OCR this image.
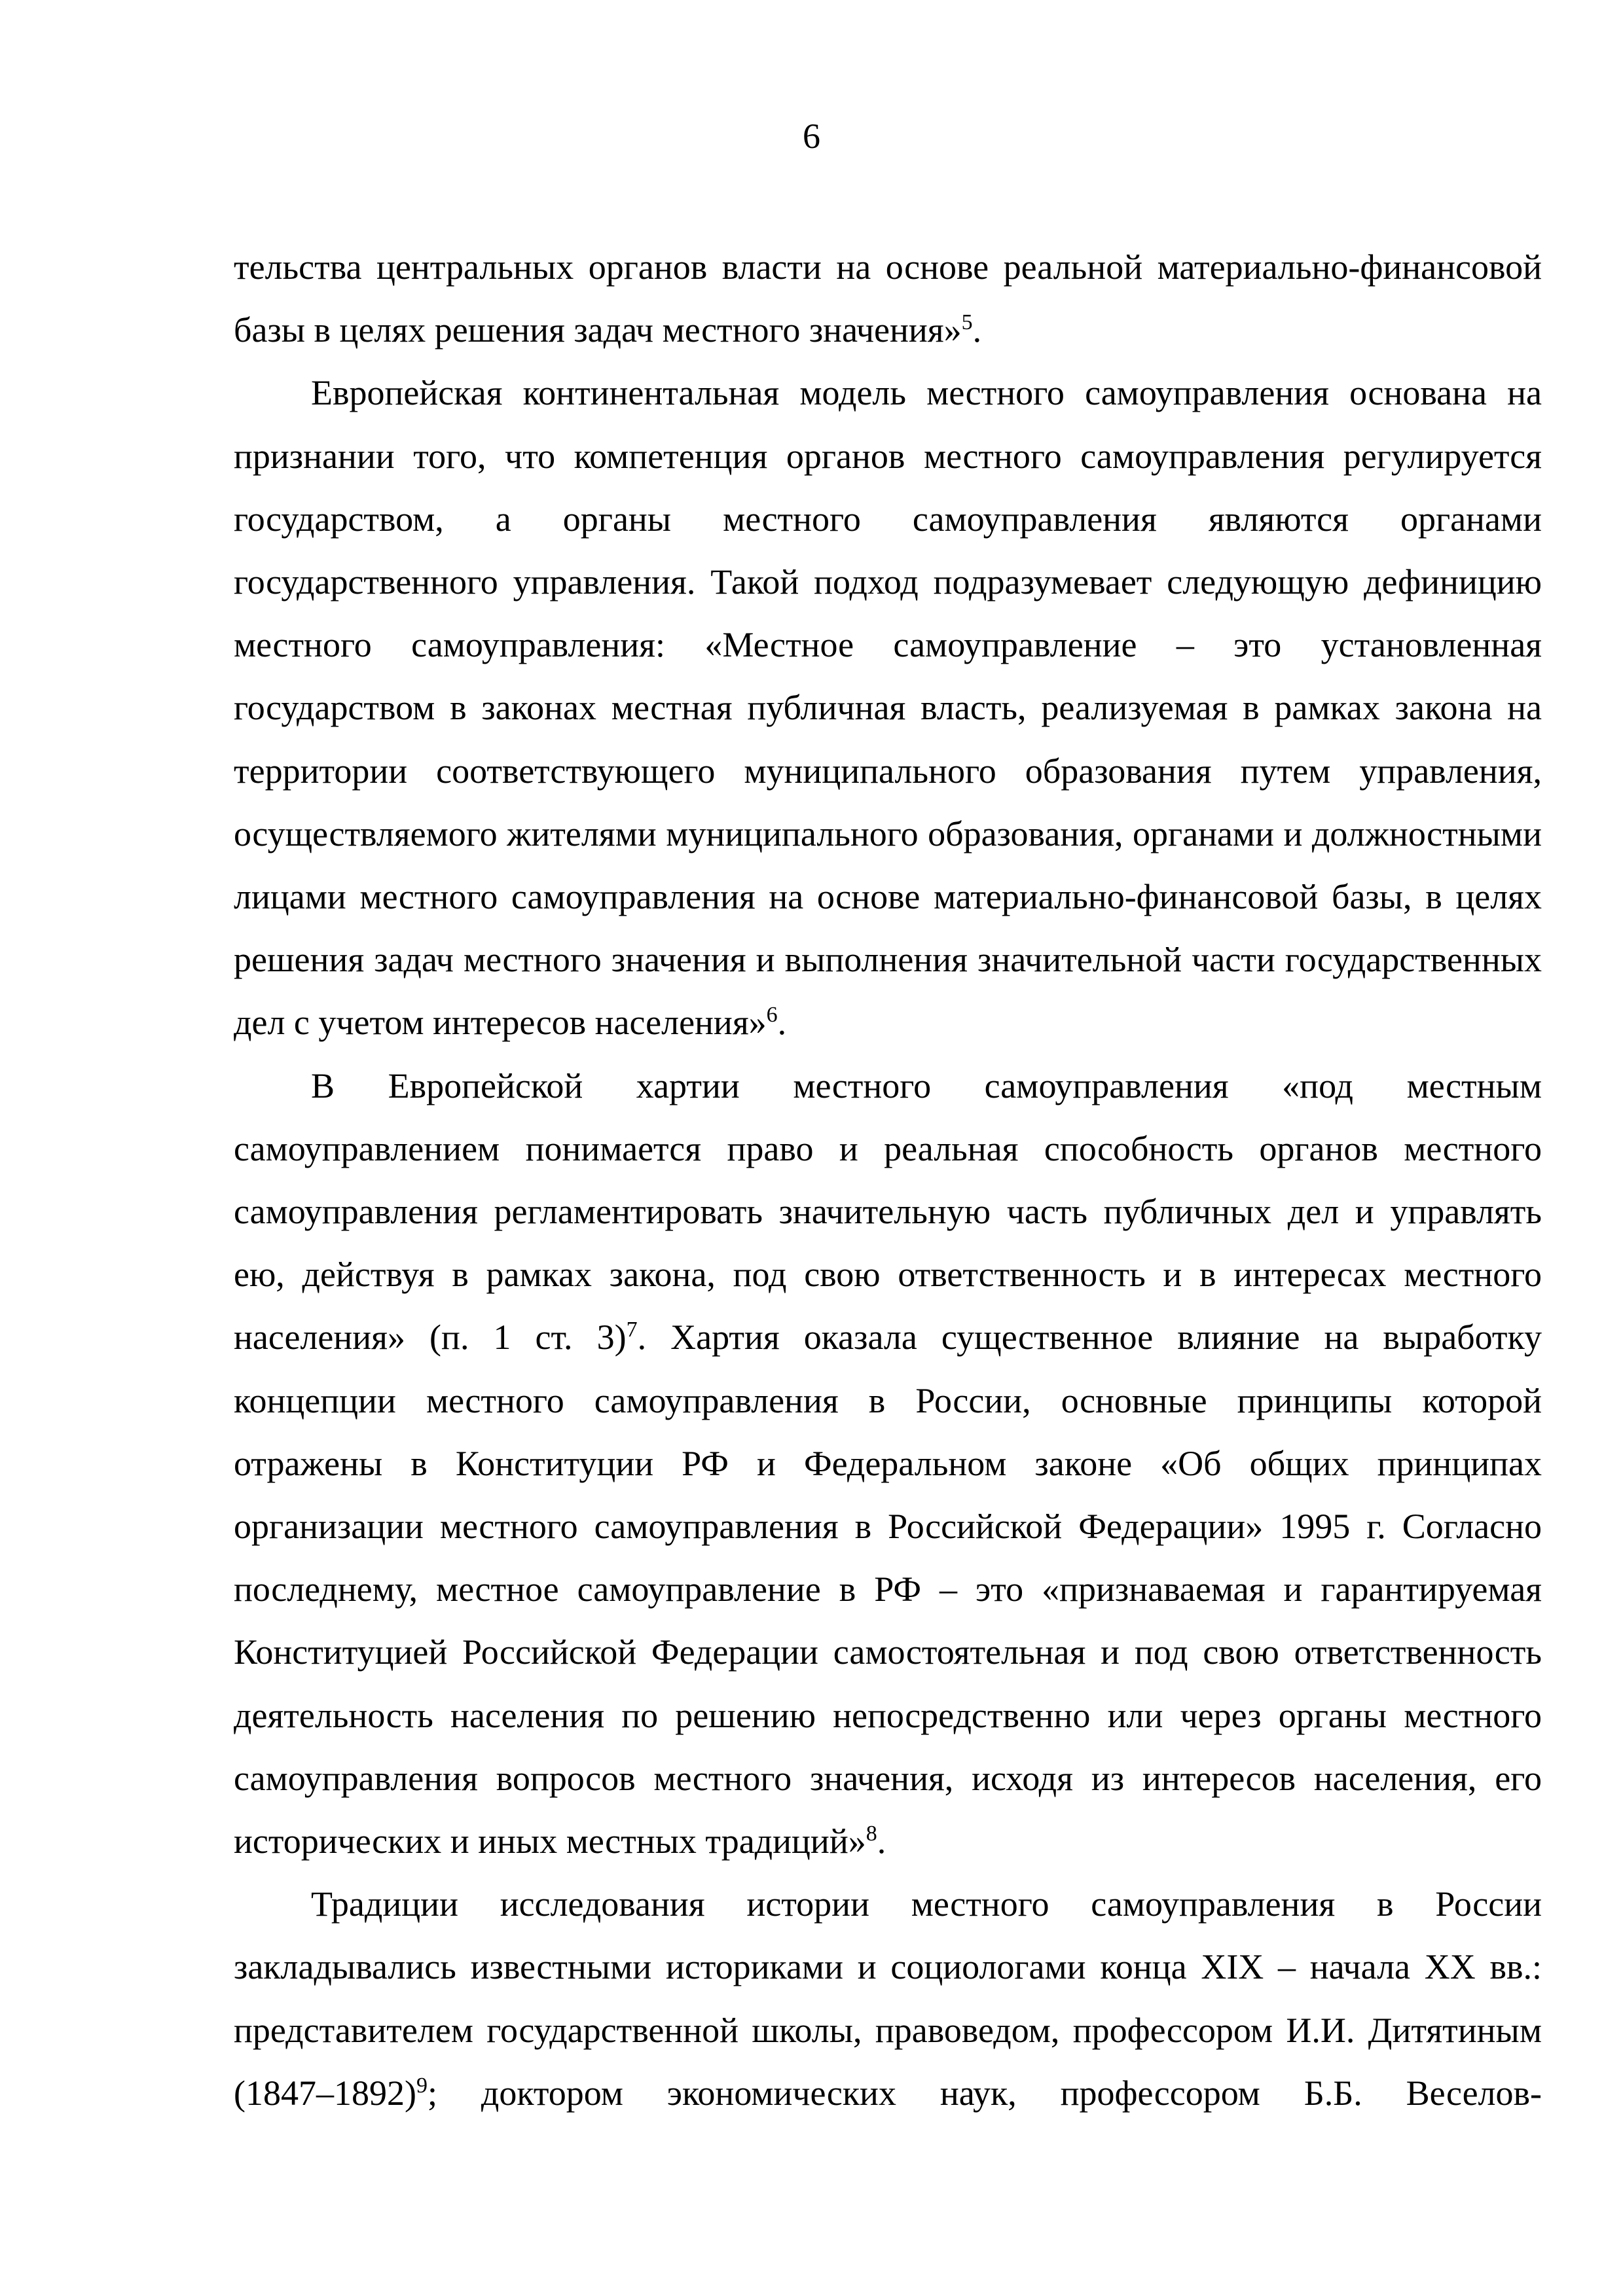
6

тельства центральных органов власти на основе реальной материально-финансовой базы в целях решения задач местного значения»$^5$.

Европейская континентальная модель местного самоуправления основана на признании того, что компетенция органов местного самоуправления регулируется государством, а органы местного самоуправления являются органами государственного управления. Такой подход подразумевает следующую дефиницию местного самоуправления: «Местное самоуправление – это установленная государством в законах местная публичная власть, реализуемая в рамках закона на территории соответствующего муниципального образования путем управления, осуществляемого жителями муниципального образования, органами и должностными лицами местного самоуправления на основе материально-финансовой базы, в целях решения задач местного значения и выполнения значительной части государственных дел с учетом интересов населения»$^6$.

В Европейской хартии местного самоуправления «под местным самоуправлением понимается право и реальная способность органов местного самоуправления регламентировать значительную часть публичных дел и управлять ею, действуя в рамках закона, под свою ответственность и в интересах местного населения» (п. 1 ст. 3)$^7$. Хартия оказала существенное влияние на выработку концепции местного самоуправления в России, основные принципы которой отражены в Конституции РФ и Федеральном законе «Об общих принципах организации местного самоуправления в Российской Федерации» 1995 г. Согласно последнему, местное самоуправление в РФ – это «признаваемая и гарантируемая Конституцией Российской Федерации самостоятельная и под свою ответственность деятельность населения по решению непосредственно или через органы местного самоуправления вопросов местного значения, исходя из интересов населения, его исторических и иных местных традиций»$^8$.

Традиции исследования истории местного самоуправления в России закладывались известными историками и социологами конца XIX – начала XX вв.: представителем государственной школы, правоведом, профессором И.И. Дитятиным (1847–1892)$^9$; доктором экономических наук, профессором Б.Б. Веселов-
